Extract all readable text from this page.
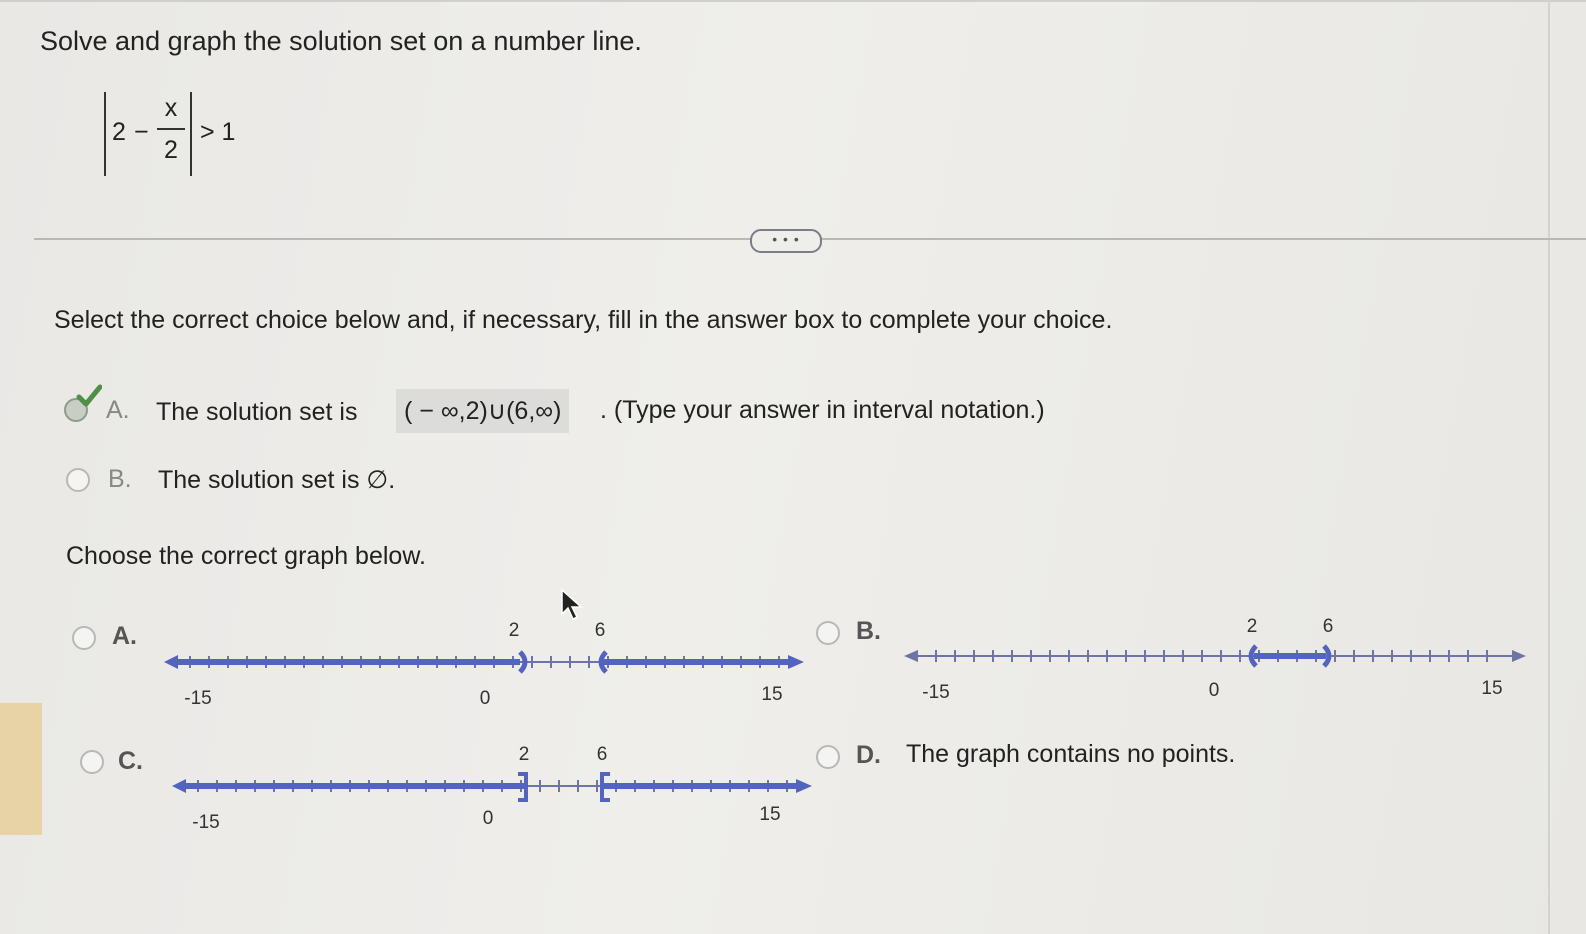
Solve and graph the solution set on a number line.
2 −
x
2
> 1
• • •
Select the correct choice below and, if necessary, fill in the answer box to complete your choice.
A. The solution set is	( − ∞,2)∪(6,∞)	. (Type your answer in interval notation.)
B. The solution set is ∅.
Choose the correct graph below.
A.	2	6
-15	0	15
B.	2	6
-15	0	15
C.	2	6
-15	0	15
D. The graph contains no points.
